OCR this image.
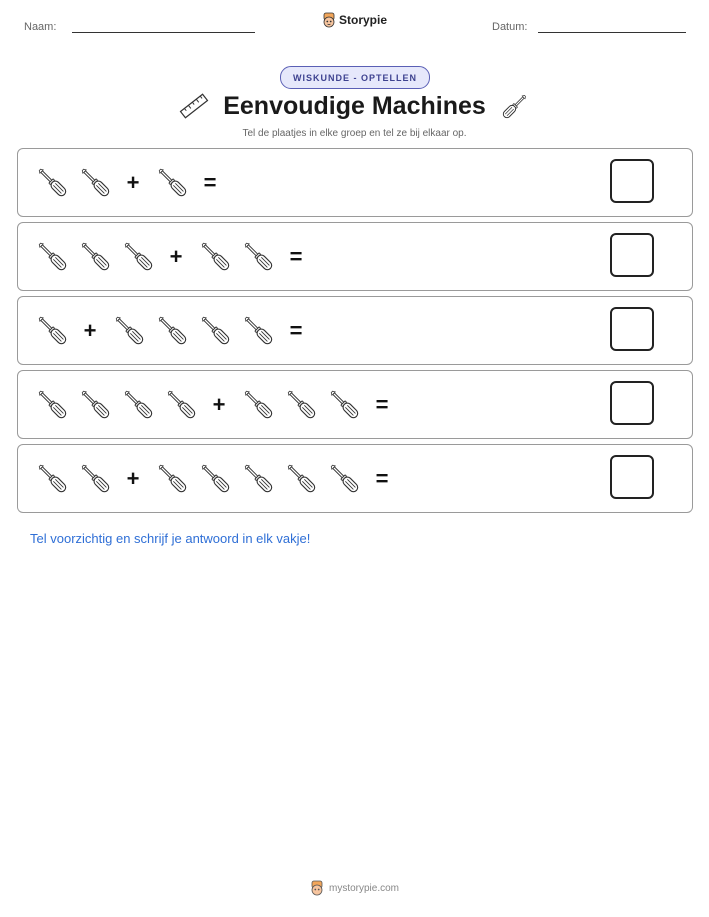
Naam:	Storypie	Datum:
WISKUNDE - OPTELLEN
Eenvoudige Machines
Tel de plaatjes in elke groep en tel ze bij elkaar op.
+	=
+	=
+	=
+	=
+	=
Tel voorzichtig en schrijf je antwoord in elk vakje!
mystorypie.com
